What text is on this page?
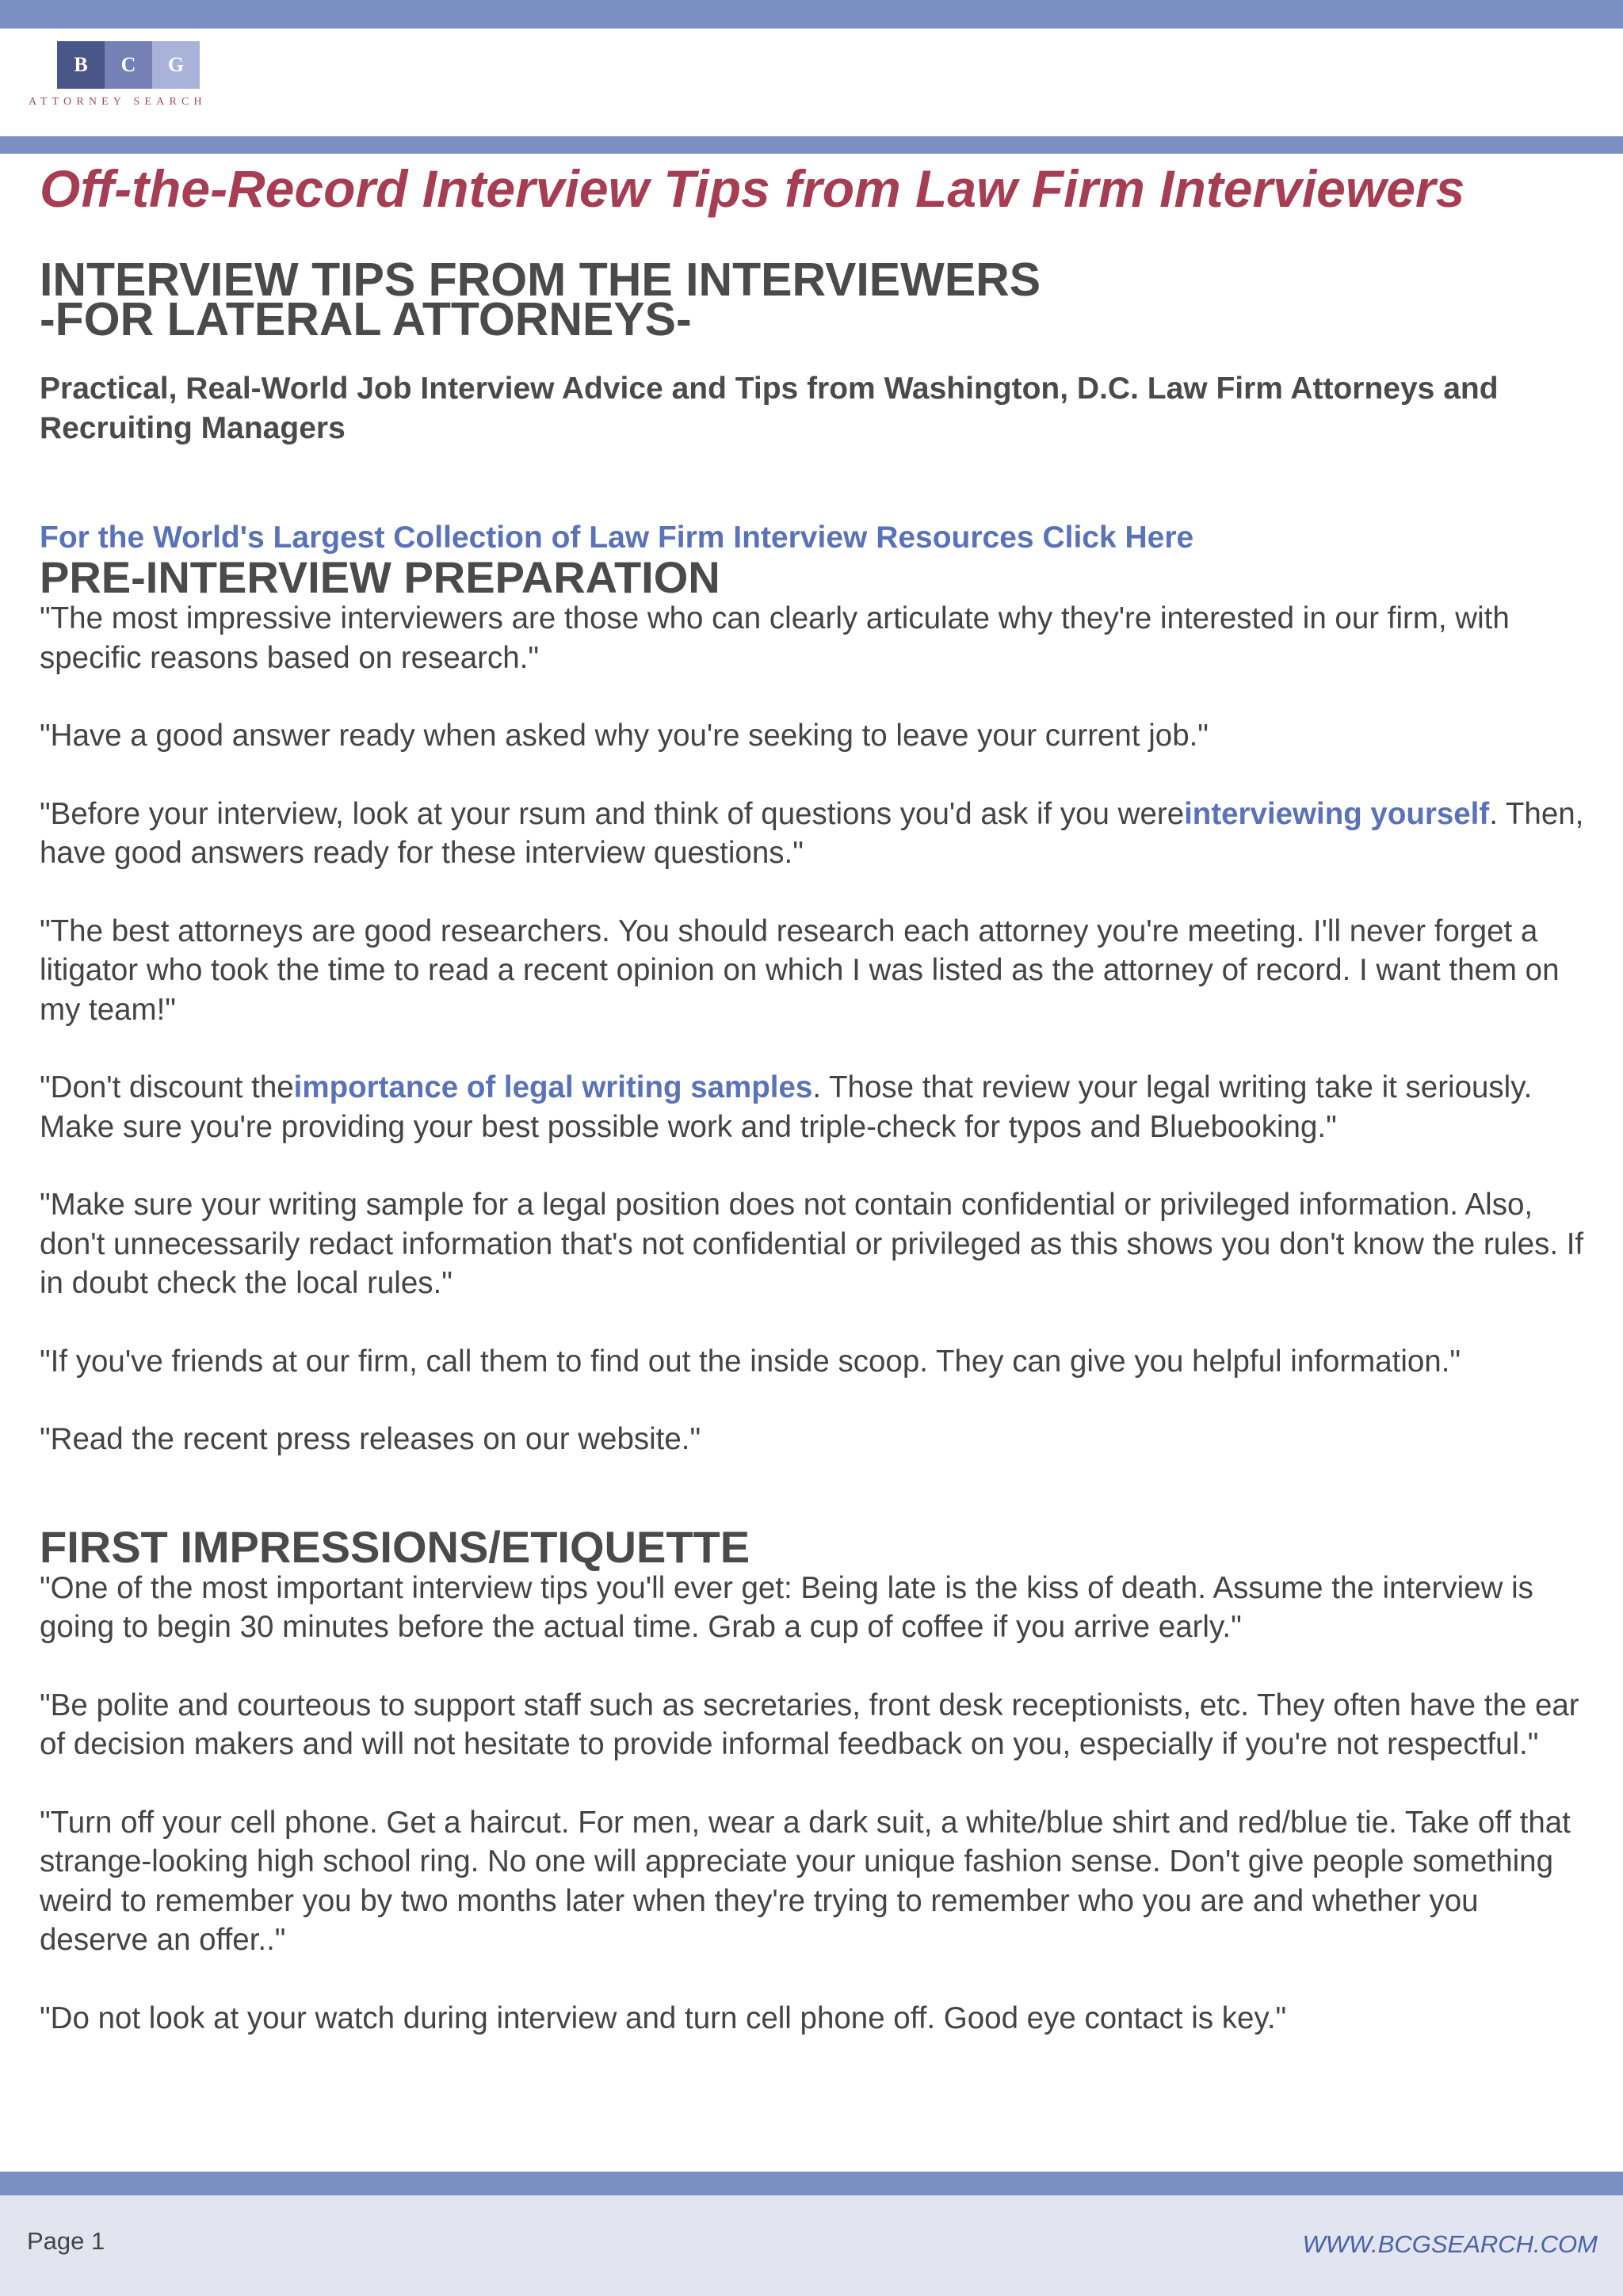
B	C	G
ATTORNEY SEARCH
Off-the-Record Interview Tips from Law Firm Interviewers
INTERVIEW TIPS FROM THE INTERVIEWERS
-FOR LATERAL ATTORNEYS-
Practical, Real-World Job Interview Advice and Tips from Washington, D.C. Law Firm Attorneys and
Recruiting Managers
For the World's Largest Collection of Law Firm Interview Resources Click Here
PRE-INTERVIEW PREPARATION

"The most impressive interviewers are those who can clearly articulate why they're interested in our firm, with specific reasons based on research."

"Have a good answer ready when asked why you're seeking to leave your current job."

"Before your interview, look at your rsum and think of questions you'd ask if you wereinterviewing yourself. Then, have good answers ready for these interview questions."

"The best attorneys are good researchers. You should research each attorney you're meeting. I'll never forget a litigator who took the time to read a recent opinion on which I was listed as the attorney of record. I want them on my team!"

"Don't discount theimportance of legal writing samples. Those that review your legal writing take it seriously. Make sure you're providing your best possible work and triple-check for typos and Bluebooking."

"Make sure your writing sample for a legal position does not contain confidential or privileged information. Also, don't unnecessarily redact information that's not confidential or privileged as this shows you don't know the rules. If in doubt check the local rules."

"If you've friends at our firm, call them to find out the inside scoop. They can give you helpful information."

"Read the recent press releases on our website."

FIRST IMPRESSIONS/ETIQUETTE

"One of the most important interview tips you'll ever get: Being late is the kiss of death. Assume the interview is going to begin 30 minutes before the actual time. Grab a cup of coffee if you arrive early."

"Be polite and courteous to support staff such as secretaries, front desk receptionists, etc. They often have the ear of decision makers and will not hesitate to provide informal feedback on you, especially if you're not respectful."

"Turn off your cell phone. Get a haircut. For men, wear a dark suit, a white/blue shirt and red/blue tie. Take off that strange-looking high school ring. No one will appreciate your unique fashion sense. Don't give people something weird to remember you by two months later when they're trying to remember who you are and whether you deserve an offer.."

"Do not look at your watch during interview and turn cell phone off. Good eye contact is key."

Page 1	WWW.BCGSEARCH.COM
